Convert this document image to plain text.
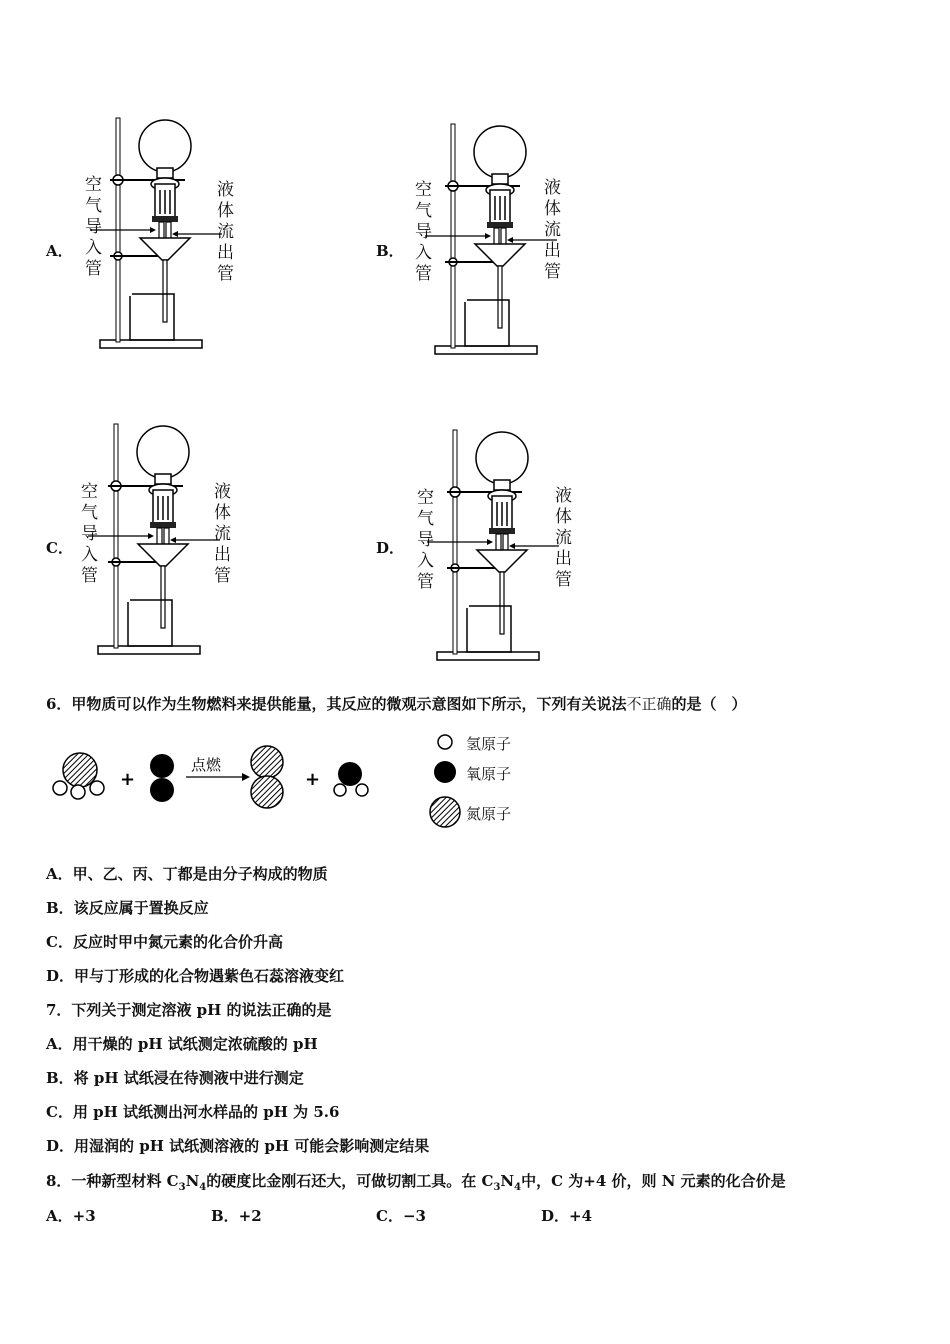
A． 空气导入管	液体流出管	B． 空气导入管	液体流出管
C． 空气导入管	液体流出管	D． 空气导入管	液体流出管
6．甲物质可以作为生物燃料来提供能量，其反应的微观示意图如下所示，下列有关说法不正确的是（　）
+
点燃
+
氢原子
氧原子
氮原子
A．甲、乙、丙、丁都是由分子构成的物质
B．该反应属于置换反应
C．反应时甲中氮元素的化合价升高
D．甲与丁形成的化合物遇紫色石蕊溶液变红
7．下列关于测定溶液 pH 的说法正确的是
A．用干燥的 pH 试纸测定浓硫酸的 pH
B．将 pH 试纸浸在待测液中进行测定
C．用 pH 试纸测出河水样品的 pH 为 5.6
D．用湿润的 pH 试纸测溶液的 pH 可能会影响测定结果
8．一种新型材料 $C_3N_4$的硬度比金刚石还大，可做切割工具。在 $C_3N_4$中，C 为+4 价，则 N 元素的化合价是
A．+3	B．+2	C．−3	D．+4
